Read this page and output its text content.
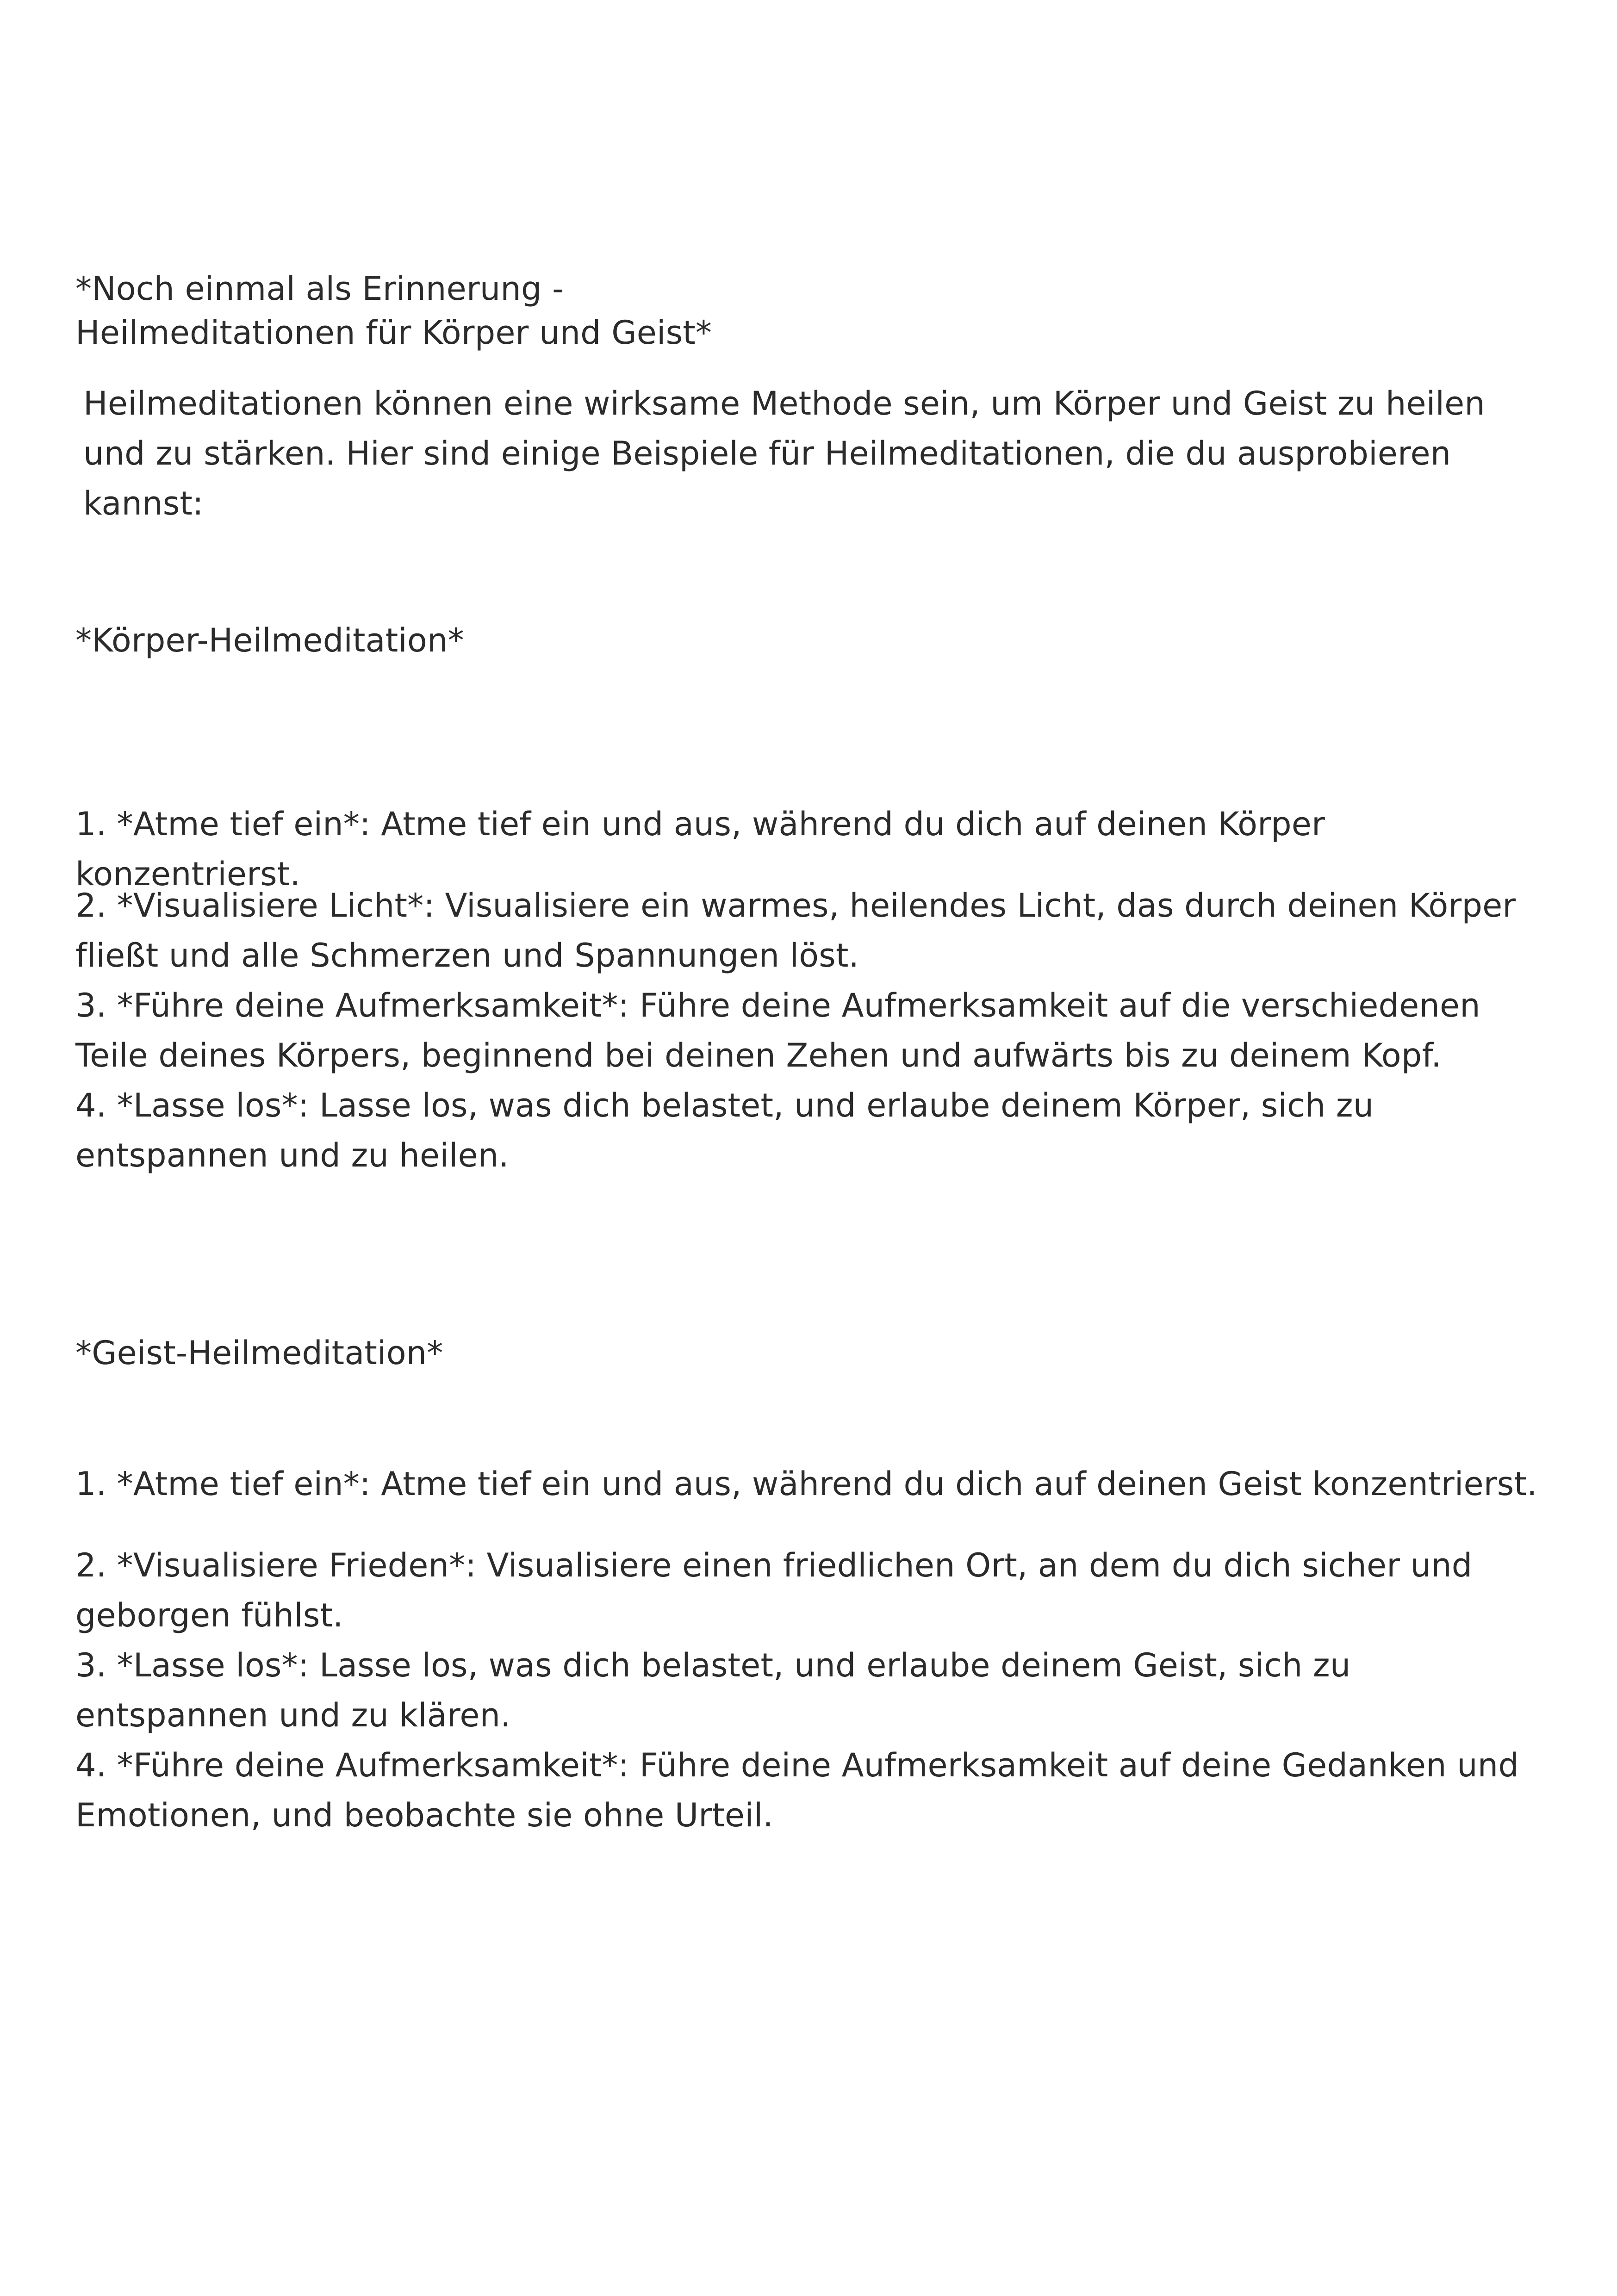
*Noch einmal als Erinnerung -
Heilmeditationen für Körper und Geist*

Heilmeditationen können eine wirksame Methode sein, um Körper und Geist zu heilen und zu stärken. Hier sind einige Beispiele für Heilmeditationen, die du ausprobieren kannst:

*Körper-Heilmeditation*

1. *Atme tief ein*: Atme tief ein und aus, während du dich auf deinen Körper konzentrierst.

2. *Visualisiere Licht*: Visualisiere ein warmes, heilendes Licht, das durch deinen Körper fließt und alle Schmerzen und Spannungen löst.
3. *Führe deine Aufmerksamkeit*: Führe deine Aufmerksamkeit auf die verschiedenen Teile deines Körpers, beginnend bei deinen Zehen und aufwärts bis zu deinem Kopf.
4. *Lasse los*: Lasse los, was dich belastet, und erlaube deinem Körper, sich zu entspannen und zu heilen.

*Geist-Heilmeditation*

1. *Atme tief ein*: Atme tief ein und aus, während du dich auf deinen Geist konzentrierst.

2. *Visualisiere Frieden*: Visualisiere einen friedlichen Ort, an dem du dich sicher und geborgen fühlst.
3. *Lasse los*: Lasse los, was dich belastet, und erlaube deinem Geist, sich zu entspannen und zu klären.
4. *Führe deine Aufmerksamkeit*: Führe deine Aufmerksamkeit auf deine Gedanken und Emotionen, und beobachte sie ohne Urteil.
